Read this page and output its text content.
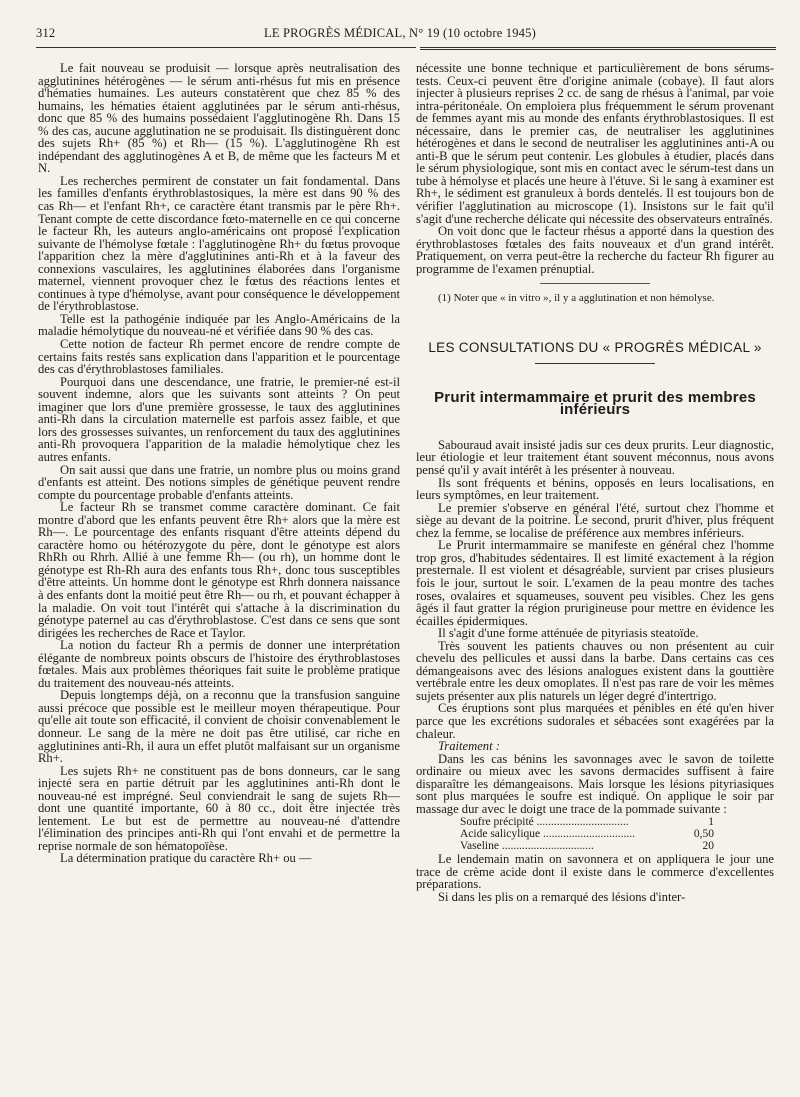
312	LE PROGRÈS MÉDICAL, N° 19 (10 octobre 1945)

Le fait nouveau se produisit — lorsque après neutralisation des agglutinines hétérogènes — le sérum anti-rhésus fut mis en présence d'hématies humaines. Les auteurs constatèrent que chez 85 % des humains, les hématies étaient agglutinées par le sérum anti-rhésus, donc que 85 % des humains possédaient l'agglutinogène Rh. Dans 15 % des cas, aucune agglutination ne se produisait. Ils distinguèrent donc des sujets Rh+ (85 %) et Rh— (15 %). L'agglutinogène Rh est indépendant des agglutinogènes A et B, de même que les facteurs M et N.

Les recherches permirent de constater un fait fondamental. Dans les familles d'enfants érythroblastosiques, la mère est dans 90 % des cas Rh— et l'enfant Rh+, ce caractère étant transmis par le père Rh+. Tenant compte de cette discordance fœto-maternelle en ce qui concerne le facteur Rh, les auteurs anglo-américains ont proposé l'explication suivante de l'hémolyse fœtale : l'agglutinogène Rh+ du fœtus provoque l'apparition chez la mère d'agglutinines anti-Rh et à la faveur des connexions vasculaires, les agglutinines élaborées dans l'organisme maternel, viennent provoquer chez le fœtus des réactions lentes et continues à type d'hémolyse, avant pour conséquence le développement de l'érythroblastose.

Telle est la pathogénie indiquée par les Anglo-Américains de la maladie hémolytique du nouveau-né et vérifiée dans 90 % des cas.

Cette notion de facteur Rh permet encore de rendre compte de certains faits restés sans explication dans l'apparition et le pourcentage des cas d'érythroblastoses familiales.

Pourquoi dans une descendance, une fratrie, le premier-né est-il souvent indemne, alors que les suivants sont atteints ? On peut imaginer que lors d'une première grossesse, le taux des agglutinines anti-Rh dans la circulation maternelle est parfois assez faible, et que lors des grossesses suivantes, un renforcement du taux des agglutinines anti-Rh provoquera l'apparition de la maladie hémolytique chez les autres enfants.

On sait aussi que dans une fratrie, un nombre plus ou moins grand d'enfants est atteint. Des notions simples de génétique peuvent rendre compte du pourcentage probable d'enfants atteints.

Le facteur Rh se transmet comme caractère dominant. Ce fait montre d'abord que les enfants peuvent être Rh+ alors que la mère est Rh—. Le pourcentage des enfants risquant d'être atteints dépend du caractère homo ou hétérozygote du père, dont le génotype est alors RhRh ou Rhrh. Allié à une femme Rh— (ou rh), un homme dont le génotype est Rh-Rh aura des enfants tous Rh+, donc tous susceptibles d'être atteints. Un homme dont le génotype est Rhrh donnera naissance à des enfants dont la moitié peut être Rh— ou rh, et pouvant échapper à la maladie. On voit tout l'intérêt qui s'attache à la discrimination du génotype paternel au cas d'érythroblastose. C'est dans ce sens que sont dirigées les recherches de Race et Taylor.

La notion du facteur Rh a permis de donner une interprétation élégante de nombreux points obscurs de l'histoire des érythroblastoses fœtales. Mais aux problèmes théoriques fait suite le problème pratique du traitement des nouveau-nés atteints.

Depuis longtemps déjà, on a reconnu que la transfusion sanguine aussi précoce que possible est le meilleur moyen thérapeutique. Pour qu'elle ait toute son efficacité, il convient de choisir convenablement le donneur. Le sang de la mère ne doit pas être utilisé, car riche en agglutinines anti-Rh, il aura un effet plutôt malfaisant sur un organisme Rh+.

Les sujets Rh+ ne constituent pas de bons donneurs, car le sang injecté sera en partie détruit par les agglutinines anti-Rh dont le nouveau-né est imprégné. Seul conviendrait le sang de sujets Rh— dont une quantité importante, 60 à 80 cc., doit être injectée très lentement. Le but est de permettre au nouveau-né d'attendre l'élimination des principes anti-Rh qui l'ont envahi et de permettre la reprise normale de son hématopoïèse.

La détermination pratique du caractère Rh+ ou —

nécessite une bonne technique et particulièrement de bons sérums-tests. Ceux-ci peuvent être d'origine animale (cobaye). Il faut alors injecter à plusieurs reprises 2 cc. de sang de rhésus à l'animal, par voie intra-péritonéale. On emploiera plus fréquemment le sérum provenant de femmes ayant mis au monde des enfants érythroblastosiques. Il est nécessaire, dans le premier cas, de neutraliser les agglutinines hétérogènes et dans le second de neutraliser les agglutinines anti-A ou anti-B que le sérum peut contenir. Les globules à étudier, placés dans le sérum physiologique, sont mis en contact avec le sérum-test dans un tube à hémolyse et placés une heure à l'étuve. Si le sang à examiner est Rh+, le sédiment est granuleux à bords dentelés. Il est toujours bon de vérifier l'agglutination au microscope (1). Insistons sur le fait qu'il s'agit d'une recherche délicate qui nécessite des observateurs entraînés.

On voit donc que le facteur rhésus a apporté dans la question des érythroblastoses fœtales des faits nouveaux et d'un grand intérêt. Pratiquement, on verra peut-être la recherche du facteur Rh figurer au programme de l'examen prénuptial.

(1) Noter que « in vitro », il y a agglutination et non hémolyse.

LES CONSULTATIONS DU « PROGRÈS MÉDICAL »
Prurit intermammaire et prurit des membres inférieurs

Sabouraud avait insisté jadis sur ces deux prurits. Leur diagnostic, leur étiologie et leur traitement étant souvent méconnus, nous avons pensé qu'il y avait intérêt à les présenter à nouveau.

Ils sont fréquents et bénins, opposés en leurs localisations, en leurs symptômes, en leur traitement.

Le premier s'observe en général l'été, surtout chez l'homme et siège au devant de la poitrine. Le second, prurit d'hiver, plus fréquent chez la femme, se localise de préférence aux membres inférieurs.

Le Prurit intermammaire se manifeste en général chez l'homme trop gros, d'habitudes sédentaires. Il est limité exactement à la région presternale. Il est violent et désagréable, survient par crises plusieurs fois le jour, surtout le soir. L'examen de la peau montre des taches roses, ovalaires et squameuses, souvent peu visibles. Chez les gens âgés il faut gratter la région prurigineuse pour mettre en évidence les écailles épidermiques.

Il s'agit d'une forme atténuée de pityriasis steatoïde.

Très souvent les patients chauves ou non présentent au cuir chevelu des pellicules et aussi dans la barbe. Dans certains cas ces démangeaisons avec des lésions analogues existent dans la gouttière vertébrale entre les deux omoplates. Il n'est pas rare de voir les mêmes sujets présenter aux plis naturels un léger degré d'intertrigo.

Ces éruptions sont plus marquées et pénibles en été qu'en hiver parce que les excrétions sudorales et sébacées sont exagérées par la chaleur.

Traitement :

Dans les cas bénins les savonnages avec le savon de toilette ordinaire ou mieux avec les savons dermacides suffisent à faire disparaître les démangeaisons. Mais lorsque les lésions pityriasiques sont plus marquées le soufre est indiqué. On applique le soir par massage dur avec le doigt une trace de la pommade suivante :

Soufre précipité .....	1
Acide salicylique .....	0,50
Vaseline .....	20

Le lendemain matin on savonnera et on appliquera le jour une trace de crème acide dont il existe dans le commerce d'excellentes préparations.

Si dans les plis on a remarqué des lésions d'inter-
